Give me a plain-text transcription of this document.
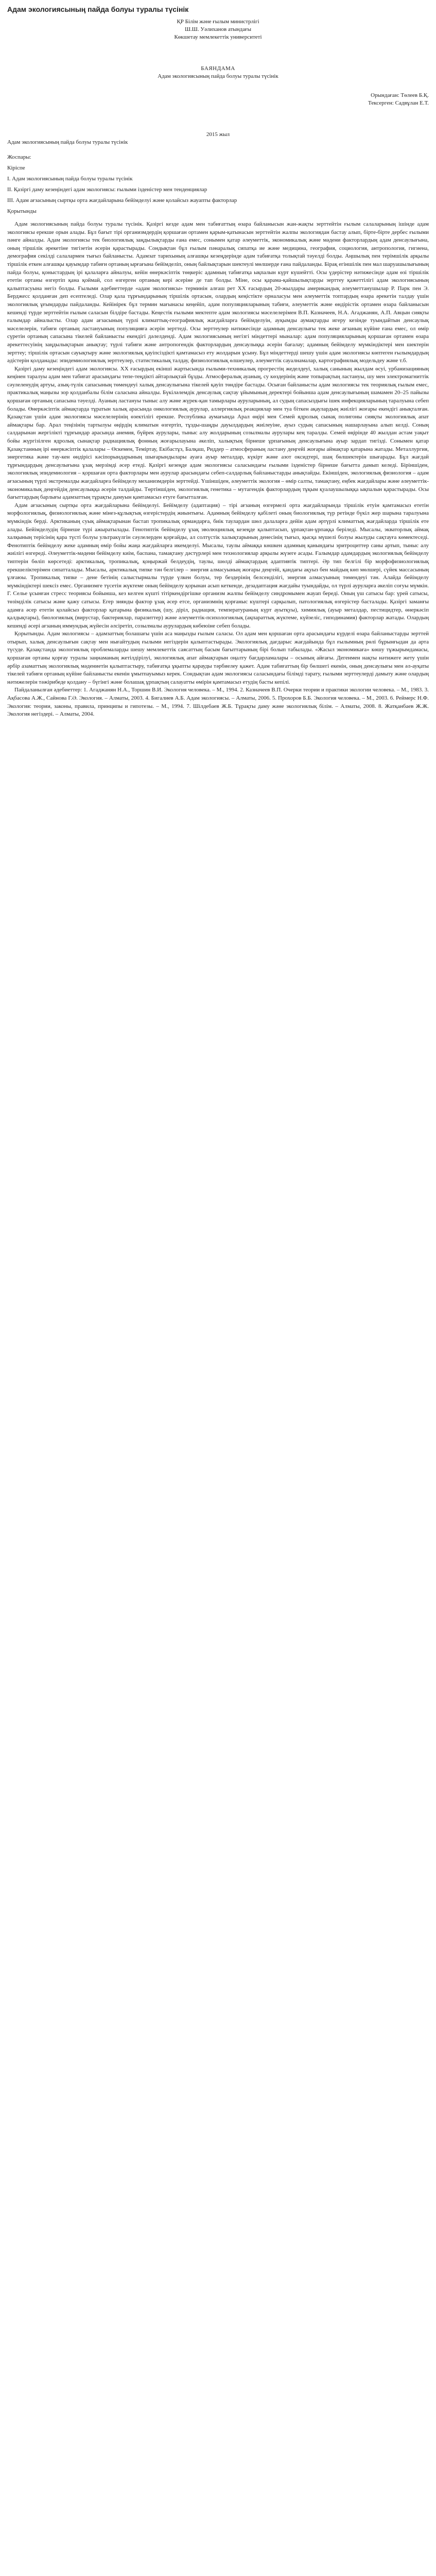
Адам экологиясының пайда болуы туралы түсінік
ҚР Білім және ғылым министрлігі
Ш.Ш. Уәлиханов атындағы
Көкшетау мемлекеттік университеті
БАЯНДАМА
Адам экологиясының пайда болуы туралы түсінік
Орындаған: Төлеев Б.Қ.
Тексерген: Садвұлан Е.Т.
2015 жыл
Адам экологиясының пайда болуы туралы түсінік
Жоспары:
Кіріспе
I. Адам экологиясының пайда болуы туралы түсінік
II. Қазіргі даму кезеңіндегі адам экологиясы: ғылыми ізденістер мен тенденциялар
III. Адам ағзасының сыртқы орта жағдайларына бейімделуі және қолайсыз жауапты факторлар
Қорытынды

Адам экологиясының пайда болуы туралы түсінік. Қазіргі кезде адам мен табиғаттың өзара байланысын жан-жақты зерттейтін ғылым салаларының ішінде адам экологиясы ерекше орын алады. Бұл бағыт тірі организмдердің қоршаған ортамен қарым-қатынасын зерттейтін жалпы экологиядан бастау алып, бірте-бірте дербес ғылыми пәнге айналды. Адам экологиясы тек биологиялық заңдылықтарды ғана емес, сонымен қатар әлеуметтік, экономикалық және мәдени факторлардың адам денсаулығына, оның тіршілік әрекетіне тигізетін әсерін қарастырады. Сондықтан бұл ғылым пәнаралық сипатқа ие және медицина, география, социология, антропология, гигиена, демография секілді салалармен тығыз байланысты. Адамзат тарихының алғашқы кезеңдерінде адам табиғатқа толықтай тәуелді болды. Аңшылық пен терімшілік арқылы тіршілік еткен алғашқы қауымдар табиғи ортаның ырғағына бейімделіп, оның байлықтарын шектеулі мөлшерде ғана пайдаланды. Бірақ егіншілік пен мал шаруашылығының пайда болуы, қоныстардың ірі қалаларға айналуы, кейін өнеркәсіптік төңкеріс адамның табиғатқа ықпалын күрт күшейтті. Осы үдерістер нәтижесінде адам өзі тіршілік ететін ортаны өзгертіп қана қоймай, сол өзгерген ортаның кері әсеріне де тап болды. Міне, осы қарама-қайшылықтарды зерттеу қажеттілігі адам экологиясының қалыптасуына негіз болды. Ғылыми әдебиеттерде «адам экологиясы» терминін алғаш рет XX ғасырдың 20-жылдары американдық әлеуметтанушылар Р. Парк пен Э. Берджесс қолданған деп есептеледі. Олар қала тұрғындарының тіршілік ортасын, олардың кеңістікте орналасуы мен әлеуметтік топтардың өзара әрекетін талдау үшін экологиялық ұғымдарды пайдаланды. Кейінірек бұл термин мағынасы кеңейіп, адам популяцияларының табиғи, әлеуметтік және өндірістік ортамен өзара байланысын кешенді түрде зерттейтін ғылым саласын білдіре бастады. Кеңестік ғылыми мектепте адам экологиясы мәселелерімен В.П. Казначеев, Н.А. Агаджанян, А.П. Авцын сияқты ғалымдар айналысты. Олар адам ағзасының түрлі климаттық-географиялық жағдайларға бейімделуін, ауқымды аумақтарды игеру кезінде туындайтын денсаулық мәселелерін, табиғи ортаның ластануының популяцияға әсерін зерттеді. Осы зерттеулер нәтижесінде адамның денсаулығы тек жеке ағзаның күйіне ғана емес, ол өмір сүретін ортаның сапасына тікелей байланысты екендігі дәлелденді. Адам экологиясының негізгі міндеттері мыналар: адам популяцияларының қоршаған ортамен өзара әрекеттесуінің заңдылықтарын анықтау; түрлі табиғи және антропогендік факторлардың денсаулыққа әсерін бағалау; адамның бейімделу мүмкіндіктері мен шектерін зерттеу; тіршілік ортасын сауықтыру және экологиялық қауіпсіздікті қамтамасыз ету жолдарын ұсыну. Бұл міндеттерді шешу үшін адам экологиясы көптеген ғылымдардың әдістерін қолданады: эпидемиологиялық зерттеулер, статистикалық талдау, физиологиялық өлшеулер, әлеуметтік сауалнамалар, картографиялық модельдеу және т.б.

Қазіргі даму кезеңіндегі адам экологиясы. XX ғасырдың екінші жартысында ғылыми-техникалық прогрестің жеделдеуі, халық санының жылдам өсуі, урбанизацияның кеңінен таралуы адам мен табиғат арасындағы тепе-теңдікті айтарлықтай бұзды. Атмосфералық ауаның, су көздерінің және топырақтың ластануы, шу мен электромагниттік сәулеленудің артуы, азық-түлік сапасының төмендеуі халық денсаулығына тікелей қауіп төндіре бастады. Осыған байланысты адам экологиясы тек теориялық ғылым емес, практикалық маңызы зор қолданбалы білім саласына айналды. Бүкіләлемдік денсаулық сақтау ұйымының деректері бойынша адам денсаулығының шамамен 20–25 пайызы қоршаған ортаның сапасына тәуелді. Ауаның ластануы тыныс алу және жүрек-қан тамырлары ауруларының, ал судың сапасыздығы ішек инфекцияларының таралуына себеп болады. Өнеркәсіптік аймақтарда тұратын халық арасында онкологиялық аурулар, аллергиялық реакциялар мен туа біткен ақаулардың жиілігі жоғары екендігі анықталған. Қазақстан үшін адам экологиясы мәселелерінің өзектілігі ерекше. Республика аумағында Арал өңірі мен Семей ядролық сынақ полигоны сияқты экологиялық апат аймақтары бар. Арал теңізінің тартылуы өңірдің климатын өзгертіп, тұзды-шаңды дауылдардың жиілеуіне, ауыз судың сапасының нашарлауына алып келді. Соның салдарынан жергілікті тұрғындар арасында анемия, бүйрек аурулары, тыныс алу жолдарының созылмалы аурулары кең таралды. Семей өңірінде 40 жылдан астам уақыт бойы жүргізілген ядролық сынақтар радиациялық фонның жоғарылауына әкеліп, халықтың бірнеше ұрпағының денсаулығына ауыр зардап тигізді. Сонымен қатар Қазақстанның ірі өнеркәсіптік қалалары – Өскемен, Теміртау, Екібастұз, Балқаш, Риддер – атмосфераның ластану деңгейі жоғары аймақтар қатарына жатады. Металлургия, энергетика және тау-кен өндірісі кәсіпорындарының шығарындылары ауаға ауыр металдар, күкірт және азот оксидтері, шаң бөлшектерін шығарады. Бұл жағдай тұрғындардың денсаулығына ұзақ мерзімді әсер етеді. Қазіргі кезеңде адам экологиясы саласындағы ғылыми ізденістер бірнеше бағытта дамып келеді. Біріншіден, экологиялық эпидемиология – қоршаған орта факторлары мен аурулар арасындағы себеп-салдарлық байланыстарды анықтайды. Екіншіден, экологиялық физиология – адам ағзасының түрлі экстремалды жағдайларға бейімделу механизмдерін зерттейді. Үшіншіден, әлеуметтік экология – өмір салты, тамақтану, еңбек жағдайлары және әлеуметтік-экономикалық деңгейдің денсаулыққа әсерін талдайды. Төртіншіден, экологиялық генетика – мутагендік факторлардың тұқым қуалаушылыққа ықпалын қарастырады. Осы бағыттардың барлығы адамзаттың тұрақты дамуын қамтамасыз етуге бағытталған.

Адам ағзасының сыртқы орта жағдайларына бейімделуі. Бейімделу (адаптация) – тірі ағзаның өзгермелі орта жағдайларында тіршілік етуін қамтамасыз ететін морфологиялық, физиологиялық және мінез-құлықтық өзгерістердің жиынтығы. Адамның бейімделу қабілеті оның биологиялық түр ретінде бүкіл жер шарына таралуына мүмкіндік берді. Арктиканың суық аймақтарынан бастап тропикалық ормандарға, биік таулардан шөл далаларға дейін адам әртүрлі климаттық жағдайларда тіршілік ете алады. Бейімделудің бірнеше түрі ажыратылады. Генотиптік бейімделу ұзақ эволюциялық кезеңде қалыптасып, ұрпақтан-ұрпаққа беріледі. Мысалы, экваторлық аймақ халқының терісінің қара түсті болуы ультракүлгін сәулелерден қорғайды, ал солтүстік халықтарының денесінің тығыз, қысқа мүшелі болуы жылуды сақтауға көмектеседі. Фенотиптік бейімделу жеке адамның өмір бойы жаңа жағдайларға икемделуі. Мысалы, таулы аймаққа көшкен адамның қанындағы эритроциттер саны артып, тыныс алу жиілігі өзгереді. Әлеуметтік-мәдени бейімделу киім, баспана, тамақтану дәстүрлері мен технологиялар арқылы жүзеге асады. Ғалымдар адамдардың экологиялық бейімделу типтерін бөліп көрсетеді: арктикалық, тропикалық, қоңыржай белдеудің, таулы, шөлді аймақтардың адаптивтік типтері. Әр тип белгілі бір морфофизиологиялық ерекшеліктерімен сипатталады. Мысалы, арктикалық типке тән белгілер – энергия алмасуының жоғары деңгейі, қандағы ақуыз бен майдың көп мөлшері, сүйек массасының ұлғаюы. Тропикалық типке – дене бетінің салыстырмалы түрде үлкен болуы, тер бездерінің белсенділігі, энергия алмасуының төмендеуі тән. Алайда бейімделу мүмкіндіктері шексіз емес. Организмге түсетін жүктеме оның бейімделу қорынан асып кеткенде, дезадаптация жағдайы туындайды, ол түрлі ауруларға әкеліп соғуы мүмкін. Г. Селье ұсынған стресс теориясы бойынша, кез келген күшті тітіркендіргішке организм жалпы бейімделу синдромымен жауап береді. Оның үш сатысы бар: үрей сатысы, төзімділік сатысы және қажу сатысы. Егер зиянды фактор ұзақ әсер етсе, организмнің қорғаныс күштері сарқылып, патологиялық өзгерістер басталады. Қазіргі заманғы адамға әсер ететін қолайсыз факторлар қатарына физикалық (шу, діріл, радиация, температураның күрт ауытқуы), химиялық (ауыр металдар, пестицидтер, өнеркәсіп қалдықтары), биологиялық (вирустар, бактериялар, паразиттер) және әлеуметтік-психологиялық (ақпараттық жүктеме, күйзеліс, гиподинамия) факторлар жатады. Олардың кешенді әсері ағзаның иммундық жүйесін әлсіретіп, созылмалы аурулардың көбеюіне себеп болады.

Қорытынды. Адам экологиясы – адамзаттың болашағы үшін аса маңызды ғылым саласы. Ол адам мен қоршаған орта арасындағы күрделі өзара байланыстарды зерттей отырып, халық денсаулығын сақтау мен нығайтудың ғылыми негіздерін қалыптастырады. Экологиялық дағдарыс жағдайында бұл ғылымның рөлі бұрынғыдан да арта түсуде. Қазақстанда экологиялық проблемаларды шешу мемлекеттік саясаттың басым бағыттарының бірі болып табылады. «Жасыл экономикаға» көшу тұжырымдамасы, қоршаған ортаны қорғау туралы заңнаманың жетілдірілуі, экологиялық апат аймақтарын оңалту бағдарламалары – осының айғағы. Дегенмен нақты нәтижеге жету үшін әрбір азаматтың экологиялық мәдениетін қалыптастыру, табиғатқа ұқыпты қарауды тәрбиелеу қажет. Адам табиғаттың бір бөлшегі екенін, оның денсаулығы мен әл-ауқаты тікелей табиғи ортаның күйіне байланысты екенін ұмытпауымыз керек. Сондықтан адам экологиясы саласындағы білімді тарату, ғылыми зерттеулерді дамыту және олардың нәтижелерін тәжірибеде қолдану – бүгінгі және болашақ ұрпақтың салауатты өмірін қамтамасыз етудің басты кепілі.

Пайдаланылған әдебиеттер: 1. Агаджанян Н.А., Торшин В.И. Экология человека. – М., 1994. 2. Казначеев В.П. Очерки теории и практики экологии человека. – М., 1983. 3. Ақбасова А.Ж., Сайнова Г.Ә. Экология. – Алматы, 2003. 4. Бигалиев А.Б. Адам экологиясы. – Алматы, 2006. 5. Прохоров Б.Б. Экология человека. – М., 2003. 6. Реймерс Н.Ф. Экология: теории, законы, правила, принципы и гипотезы. – М., 1994. 7. Шілдебаев Ж.Б. Тұрақты даму және экологиялық білім. – Алматы, 2008. 8. Жатқанбаев Ж.Ж. Экология негіздері. – Алматы, 2004.
